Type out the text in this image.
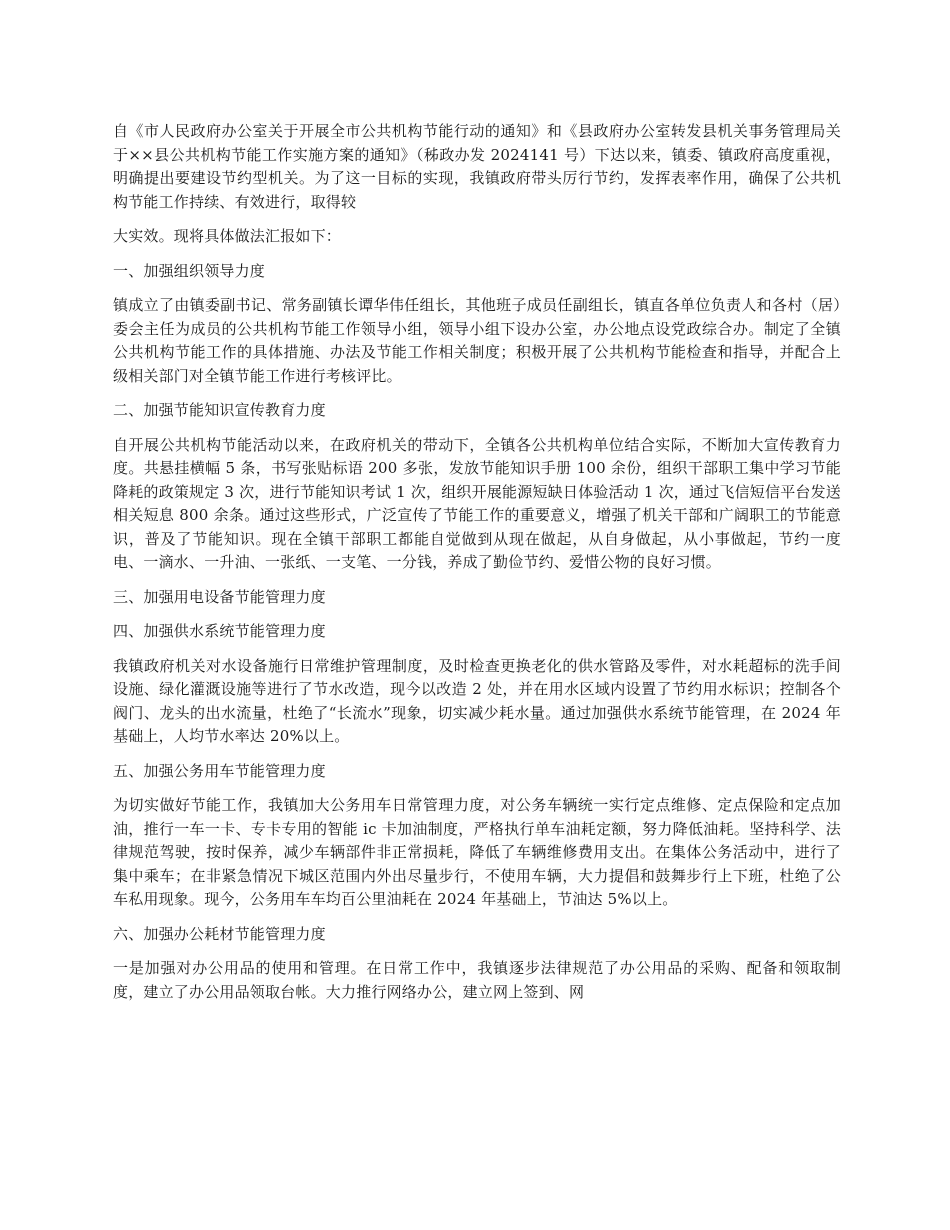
自《市人民政府办公室关于开展全市公共机构节能行动的通知》和《县政府办公室转发县机关事务管理局关于××县公共机构节能工作实施方案的通知》（秭政办发 2024141 号）下达以来，镇委、镇政府高度重视，明确提出要建设节约型机关。为了这一目标的实现，我镇政府带头厉行节约，发挥表率作用，确保了公共机构节能工作持续、有效进行，取得较

大实效。现将具体做法汇报如下：

一、加强组织领导力度

镇成立了由镇委副书记、常务副镇长谭华伟任组长，其他班子成员任副组长，镇直各单位负责人和各村（居）委会主任为成员的公共机构节能工作领导小组，领导小组下设办公室，办公地点设党政综合办。制定了全镇公共机构节能工作的具体措施、办法及节能工作相关制度；积极开展了公共机构节能检查和指导，并配合上级相关部门对全镇节能工作进行考核评比。

二、加强节能知识宣传教育力度

自开展公共机构节能活动以来，在政府机关的带动下，全镇各公共机构单位结合实际，不断加大宣传教育力度。共悬挂横幅 5 条，书写张贴标语 200 多张，发放节能知识手册 100 余份，组织干部职工集中学习节能降耗的政策规定 3 次，进行节能知识考试 1 次，组织开展能源短缺日体验活动 1 次，通过飞信短信平台发送相关短息 800 余条。通过这些形式，广泛宣传了节能工作的重要意义，增强了机关干部和广阔职工的节能意识，普及了节能知识。现在全镇干部职工都能自觉做到从现在做起，从自身做起，从小事做起，节约一度电、一滴水、一升油、一张纸、一支笔、一分钱，养成了勤俭节约、爱惜公物的良好习惯。

三、加强用电设备节能管理力度

四、加强供水系统节能管理力度

我镇政府机关对水设备施行日常维护管理制度，及时检查更换老化的供水管路及零件，对水耗超标的洗手间设施、绿化灌溉设施等进行了节水改造，现今以改造 2 处，并在用水区域内设置了节约用水标识；控制各个阀门、龙头的出水流量，杜绝了“长流水”现象，切实减少耗水量。通过加强供水系统节能管理，在 2024 年基础上，人均节水率达 20%以上。

五、加强公务用车节能管理力度

为切实做好节能工作，我镇加大公务用车日常管理力度，对公务车辆统一实行定点维修、定点保险和定点加油，推行一车一卡、专卡专用的智能 ic 卡加油制度，严格执行单车油耗定额，努力降低油耗。坚持科学、法律规范驾驶，按时保养，减少车辆部件非正常损耗，降低了车辆维修费用支出。在集体公务活动中，进行了集中乘车；在非紧急情况下城区范围内外出尽量步行，不使用车辆，大力提倡和鼓舞步行上下班，杜绝了公车私用现象。现今，公务用车车均百公里油耗在 2024 年基础上，节油达 5%以上。

六、加强办公耗材节能管理力度

一是加强对办公用品的使用和管理。在日常工作中，我镇逐步法律规范了办公用品的采购、配备和领取制度，建立了办公用品领取台帐。大力推行网络办公，建立网上签到、网
